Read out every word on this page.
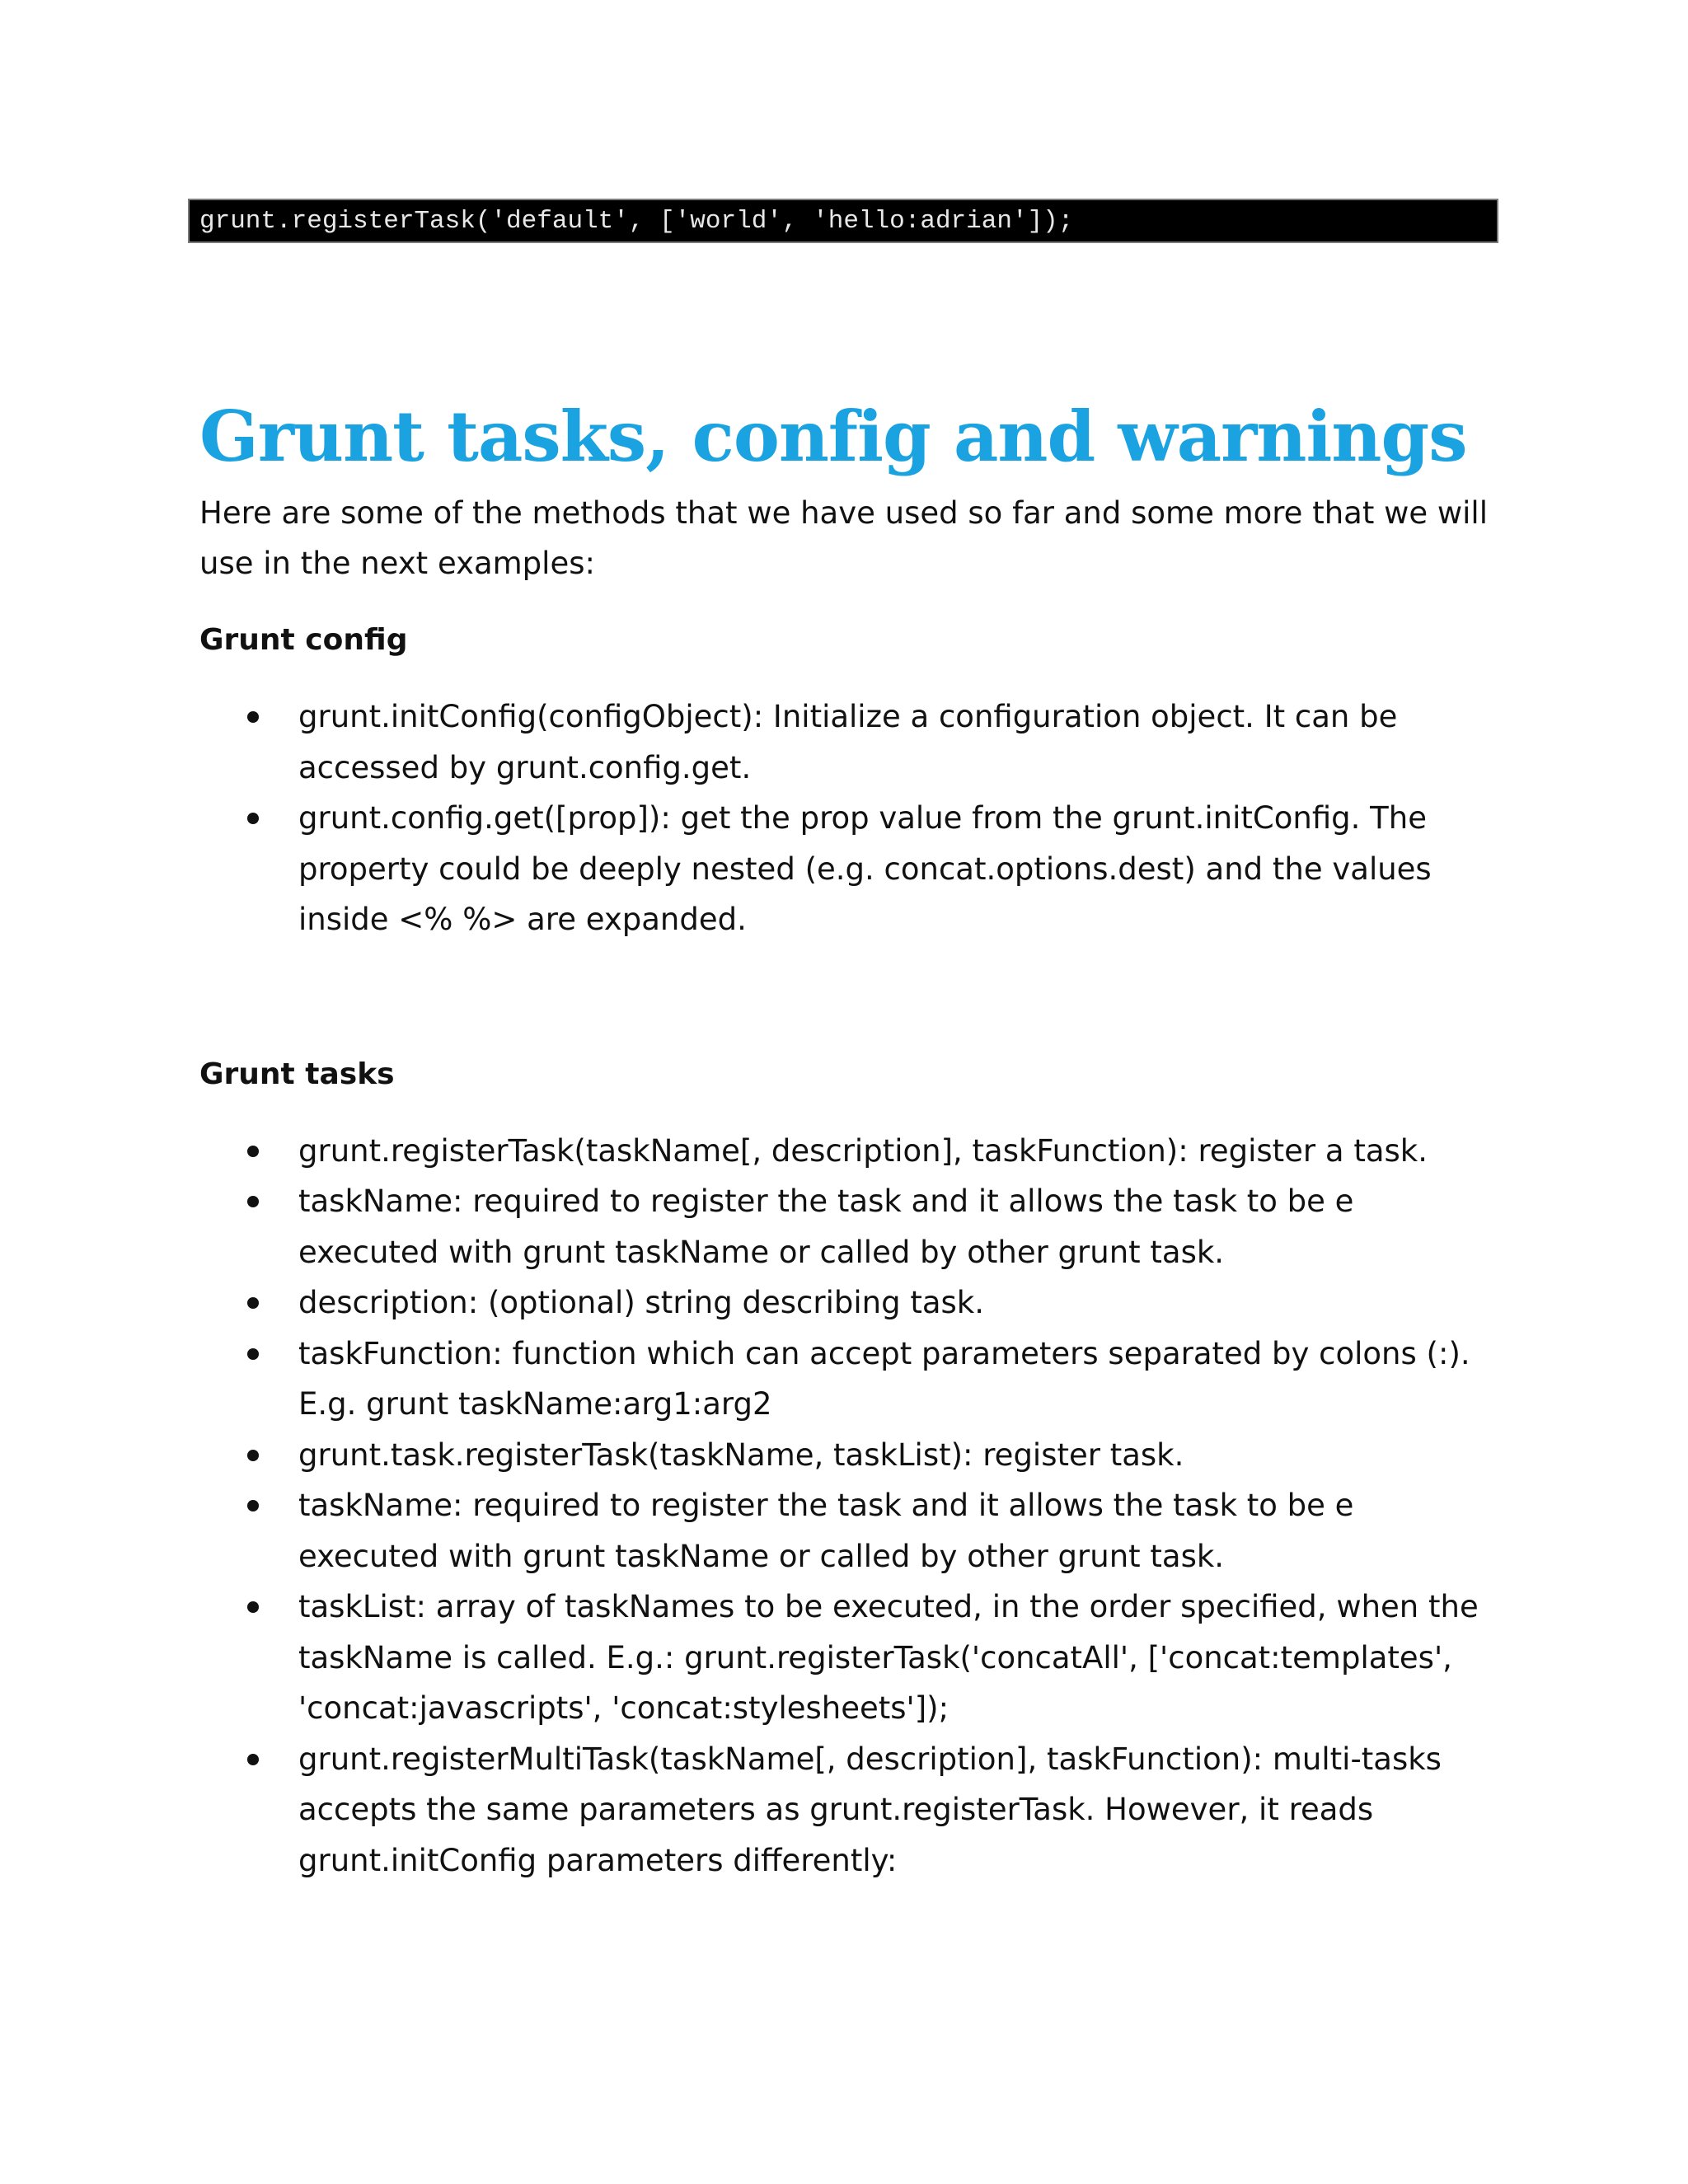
grunt.registerTask('default', ['world', 'hello:adrian']);
Grunt tasks, config and warnings

Here are some of the methods that we have used so far and some more that we will use in the next examples:

Grunt config
grunt.initConfig(configObject): Initialize a configuration object. It can be accessed by grunt.config.get.
grunt.config.get([prop]): get the prop value from the grunt.initConfig. The property could be deeply nested (e.g. concat.options.dest) and the values inside <% %> are expanded.
Grunt tasks
grunt.registerTask(taskName[, description], taskFunction): register a task.
taskName: required to register the task and it allows the task to be e executed with grunt taskName or called by other grunt task.
description: (optional) string describing task.
taskFunction: function which can accept parameters separated by colons (:). E.g. grunt taskName:arg1:arg2
grunt.task.registerTask(taskName, taskList): register task.
taskName: required to register the task and it allows the task to be e executed with grunt taskName or called by other grunt task.
taskList: array of taskNames to be executed, in the order specified, when the taskName is called. E.g.: grunt.registerTask('concatAll', ['concat:templates', 'concat:javascripts', 'concat:stylesheets']);
grunt.registerMultiTask(taskName[, description], taskFunction): multi-tasks accepts the same parameters as grunt.registerTask. However, it reads grunt.initConfig parameters differently:
